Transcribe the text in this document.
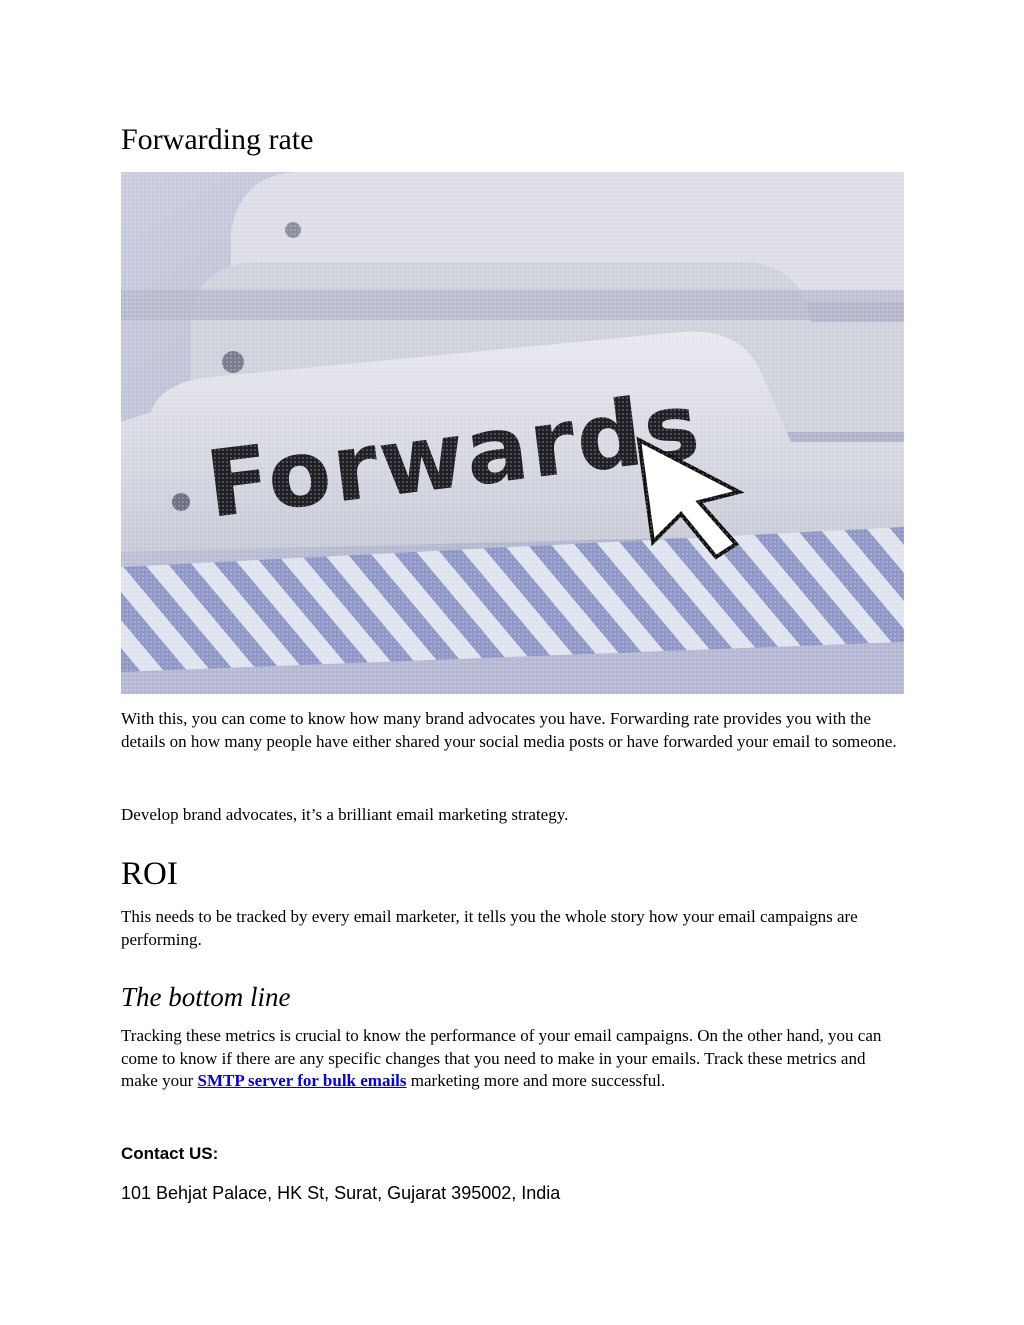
Forwarding rate

With this, you can come to know how many brand advocates you have. Forwarding rate provides you with the details on how many people have either shared your social media posts or have forwarded your email to someone.

Develop brand advocates, it’s a brilliant email marketing strategy.

ROI

This needs to be tracked by every email marketer, it tells you the whole story how your email campaigns are performing.

The bottom line

Tracking these metrics is crucial to know the performance of your email campaigns. On the other hand, you can come to know if there are any specific changes that you need to make in your emails. Track these metrics and make your SMTP server for bulk emails marketing more and more successful.

Contact US:

101 Behjat Palace, HK St, Surat, Gujarat 395002, India
